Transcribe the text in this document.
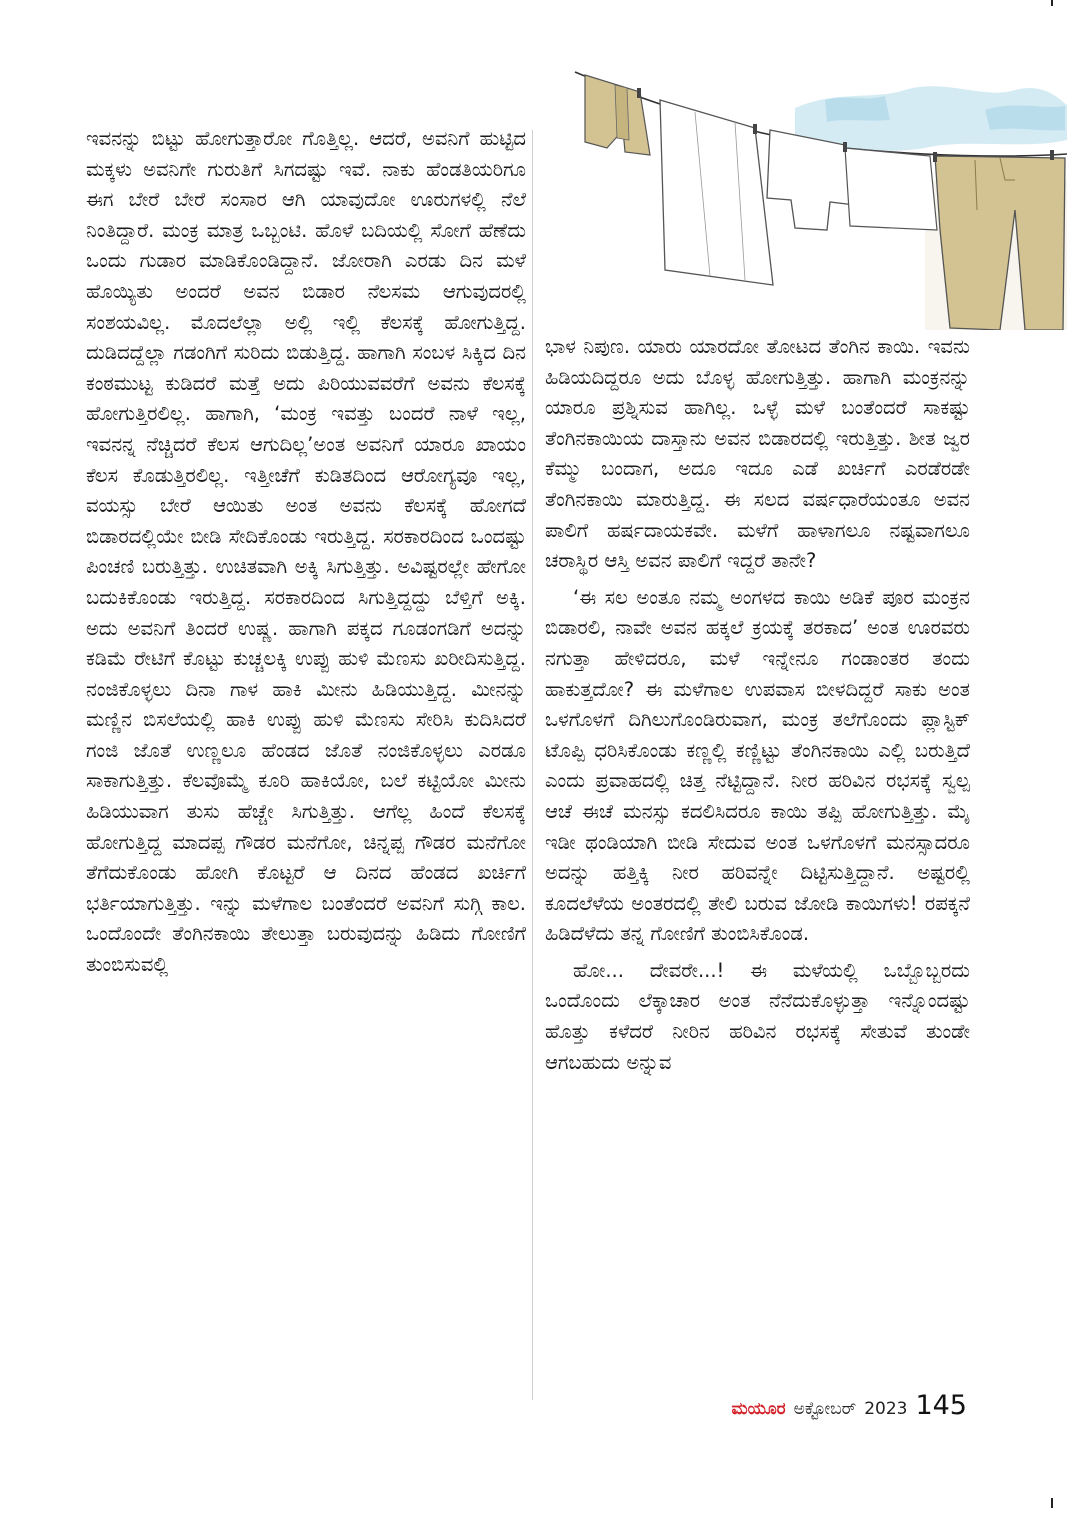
ಇವನನ್ನು ಬಿಟ್ಟು ಹೋಗುತ್ತಾರೋ ಗೊತ್ತಿಲ್ಲ. ಆದರೆ, ಅವನಿಗೆ ಹುಟ್ಟಿದ ಮಕ್ಕಳು ಅವನಿಗೇ ಗುರುತಿಗೆ ಸಿಗದಷ್ಟು ಇವೆ. ನಾಕು ಹೆಂಡತಿಯರಿಗೂ ಈಗ ಬೇರೆ ಬೇರೆ ಸಂಸಾರ ಆಗಿ ಯಾವುದೋ ಊರುಗಳಲ್ಲಿ ನೆಲೆ ನಿಂತಿದ್ದಾರೆ. ಮಂಕ್ರ ಮಾತ್ರ ಒಬ್ಬಂಟಿ. ಹೊಳೆ ಬದಿಯಲ್ಲಿ ಸೋಗೆ ಹೆಣೆದು ಒಂದು ಗುಡಾರ ಮಾಡಿಕೊಂಡಿದ್ದಾನೆ. ಜೋರಾಗಿ ಎರಡು ದಿನ ಮಳೆ ಹೊಯ್ಯಿತು ಅಂದರೆ ಅವನ ಬಿಡಾರ ನೆಲಸಮ ಆಗುವುದರಲ್ಲಿ ಸಂಶಯವಿಲ್ಲ. ಮೊದಲೆಲ್ಲಾ ಅಲ್ಲಿ ಇಲ್ಲಿ ಕೆಲಸಕ್ಕೆ ಹೋಗುತ್ತಿದ್ದ. ದುಡಿದದ್ದೆಲ್ಲಾ ಗಡಂಗಿಗೆ ಸುರಿದು ಬಿಡುತ್ತಿದ್ದ. ಹಾಗಾಗಿ ಸಂಬಳ ಸಿಕ್ಕಿದ ದಿನ ಕಂಠಮುಟ್ಟ ಕುಡಿದರೆ ಮತ್ತೆ ಅದು ಪಿರಿಯುವವರೆಗೆ ಅವನು ಕೆಲಸಕ್ಕೆ ಹೋಗುತ್ತಿರಲಿಲ್ಲ. ಹಾಗಾಗಿ, ‘ಮಂಕ್ರ ಇವತ್ತು ಬಂದರೆ ನಾಳೆ ಇಲ್ಲ, ಇವನನ್ನ ನೆಚ್ಚಿದರೆ ಕೆಲಸ ಆಗುದಿಲ್ಲ’ಅಂತ ಅವನಿಗೆ ಯಾರೂ ಖಾಯಂ ಕೆಲಸ ಕೊಡುತ್ತಿರಲಿಲ್ಲ. ಇತ್ತೀಚೆಗೆ ಕುಡಿತದಿಂದ ಆರೋಗ್ಯವೂ ಇಲ್ಲ, ವಯಸ್ಸು ಬೇರೆ ಆಯಿತು ಅಂತ ಅವನು ಕೆಲಸಕ್ಕೆ ಹೋಗದೆ ಬಿಡಾರದಲ್ಲಿಯೇ ಬೀಡಿ ಸೇದಿಕೊಂಡು ಇರುತ್ತಿದ್ದ. ಸರಕಾರದಿಂದ ಒಂದಷ್ಟು ಪಿಂಚಣಿ ಬರುತ್ತಿತ್ತು. ಉಚಿತವಾಗಿ ಅಕ್ಕಿ ಸಿಗುತ್ತಿತ್ತು. ಅವಿಷ್ಟರಲ್ಲೇ ಹೇಗೋ ಬದುಕಿಕೊಂಡು ಇರುತ್ತಿದ್ದ. ಸರಕಾರದಿಂದ ಸಿಗುತ್ತಿದ್ದದ್ದು ಬೆಳ್ತಿಗೆ ಅಕ್ಕಿ. ಅದು ಅವನಿಗೆ ತಿಂದರೆ ಉಷ್ಣ. ಹಾಗಾಗಿ ಪಕ್ಕದ ಗೂಡಂಗಡಿಗೆ ಅದನ್ನು ಕಡಿಮೆ ರೇಟಿಗೆ ಕೊಟ್ಟು ಕುಚ್ಚಲಕ್ಕಿ ಉಪ್ಪು ಹುಳಿ ಮೆಣಸು ಖರೀದಿಸುತ್ತಿದ್ದ. ನಂಜಿಕೊಳ್ಳಲು ದಿನಾ ಗಾಳ ಹಾಕಿ ಮೀನು ಹಿಡಿಯುತ್ತಿದ್ದ. ಮೀನನ್ನು ಮಣ್ಣಿನ ಬಿಸಲೆಯಲ್ಲಿ ಹಾಕಿ ಉಪ್ಪು ಹುಳಿ ಮೆಣಸು ಸೇರಿಸಿ ಕುದಿಸಿದರೆ ಗಂಜಿ ಜೊತೆ ಉಣ್ಣಲೂ ಹೆಂಡದ ಜೊತೆ ನಂಜಿಕೊಳ್ಳಲು ಎರಡೂ ಸಾಕಾಗುತ್ತಿತ್ತು. ಕೆಲವೊಮ್ಮೆ ಕೂರಿ ಹಾಕಿಯೋ, ಬಲೆ ಕಟ್ಟಿಯೋ ಮೀನು ಹಿಡಿಯುವಾಗ ತುಸು ಹೆಚ್ಚೇ ಸಿಗುತ್ತಿತ್ತು. ಆಗೆಲ್ಲ ಹಿಂದೆ ಕೆಲಸಕ್ಕೆ ಹೋಗುತ್ತಿದ್ದ ಮಾದಪ್ಪ ಗೌಡರ ಮನೆಗೋ, ಚಿನ್ನಪ್ಪ ಗೌಡರ ಮನೆಗೋ ತೆಗೆದುಕೊಂಡು ಹೋಗಿ ಕೊಟ್ಟರೆ ಆ ದಿನದ ಹೆಂಡದ ಖರ್ಚಿಗೆ ಭರ್ತಿಯಾಗುತ್ತಿತ್ತು. ಇನ್ನು ಮಳೆಗಾಲ ಬಂತೆಂದರೆ ಅವನಿಗೆ ಸುಗ್ಗಿ ಕಾಲ. ಒಂದೊಂದೇ ತೆಂಗಿನಕಾಯಿ ತೇಲುತ್ತಾ ಬರುವುದನ್ನು ಹಿಡಿದು ಗೋಣಿಗೆ ತುಂಬಿಸುವಲ್ಲಿ

ಭಾಳ ನಿಪುಣ. ಯಾರು ಯಾರದೋ ತೋಟದ ತೆಂಗಿನ ಕಾಯಿ. ಇವನು ಹಿಡಿಯದಿದ್ದರೂ ಅದು ಬೊಳ್ಳ ಹೋಗುತ್ತಿತ್ತು. ಹಾಗಾಗಿ ಮಂಕ್ರನನ್ನು ಯಾರೂ ಪ್ರಶ್ನಿಸುವ ಹಾಗಿಲ್ಲ. ಒಳ್ಳೆ ಮಳೆ ಬಂತೆಂದರೆ ಸಾಕಷ್ಟು ತೆಂಗಿನಕಾಯಿಯ ದಾಸ್ತಾನು ಅವನ ಬಿಡಾರದಲ್ಲಿ ಇರುತ್ತಿತ್ತು. ಶೀತ ಜ್ವರ ಕೆಮ್ಮು ಬಂದಾಗ, ಅದೂ ಇದೂ ಎಡೆ ಖರ್ಚಿಗೆ ಎರಡೆರಡೇ ತೆಂಗಿನಕಾಯಿ ಮಾರುತ್ತಿದ್ದ. ಈ ಸಲದ ವರ್ಷಧಾರೆಯಂತೂ ಅವನ ಪಾಲಿಗೆ ಹರ್ಷದಾಯಕವೇ. ಮಳೆಗೆ ಹಾಳಾಗಲೂ ನಷ್ಟವಾಗಲೂ ಚರಾಸ್ಥಿರ ಆಸ್ತಿ ಅವನ ಪಾಲಿಗೆ ಇದ್ದರೆ ತಾನೇ?

‘ಈ ಸಲ ಅಂತೂ ನಮ್ಮ ಅಂಗಳದ ಕಾಯಿ ಅಡಿಕೆ ಪೂರ ಮಂಕ್ರನ ಬಿಡಾರಲಿ, ನಾವೇ ಅವನ ಹಕ್ಕಲೆ ಕ್ರಯಕ್ಕೆ ತರಕಾದ’ ಅಂತ ಊರವರು ನಗುತ್ತಾ ಹೇಳಿದರೂ, ಮಳೆ ಇನ್ನೇನೂ ಗಂಡಾಂತರ ತಂದು ಹಾಕುತ್ತದೋ? ಈ ಮಳೆಗಾಲ ಉಪವಾಸ ಬೀಳದಿದ್ದರೆ ಸಾಕು ಅಂತ ಒಳಗೊಳಗೆ ದಿಗಿಲುಗೊಂಡಿರುವಾಗ, ಮಂಕ್ರ ತಲೆಗೊಂದು ಪ್ಲಾಸ್ಟಿಕ್ ಟೊಪ್ಪಿ ಧರಿಸಿಕೊಂಡು ಕಣ್ಣಲ್ಲಿ ಕಣ್ಣಿಟ್ಟು ತೆಂಗಿನಕಾಯಿ ಎಲ್ಲಿ ಬರುತ್ತಿದೆ ಎಂದು ಪ್ರವಾಹದಲ್ಲಿ ಚಿತ್ತ ನೆಟ್ಟಿದ್ದಾನೆ. ನೀರ ಹರಿವಿನ ರಭಸಕ್ಕೆ ಸ್ವಲ್ಪ ಆಚೆ ಈಚೆ ಮನಸ್ಸು ಕದಲಿಸಿದರೂ ಕಾಯಿ ತಪ್ಪಿ ಹೋಗುತ್ತಿತ್ತು. ಮೈ ಇಡೀ ಥಂಡಿಯಾಗಿ ಬೀಡಿ ಸೇದುವ ಅಂತ ಒಳಗೊಳಗೆ ಮನಸ್ಸಾದರೂ ಅದನ್ನು ಹತ್ತಿಕ್ಕಿ ನೀರ ಹರಿವನ್ನೇ ದಿಟ್ಟಿಸುತ್ತಿದ್ದಾನೆ. ಅಷ್ಟರಲ್ಲಿ ಕೂದಲೆಳೆಯ ಅಂತರದಲ್ಲಿ ತೇಲಿ ಬರುವ ಜೋಡಿ ಕಾಯಿಗಳು! ರಪಕ್ಕನೆ ಹಿಡಿದೆಳೆದು ತನ್ನ ಗೋಣಿಗೆ ತುಂಬಿಸಿಕೊಂಡ.

ಹೋ... ದೇವರೇ...! ಈ ಮಳೆಯಲ್ಲಿ ಒಬ್ಬೊಬ್ಬರದು ಒಂದೊಂದು ಲೆಕ್ಕಾಚಾರ ಅಂತ ನೆನೆದುಕೊಳ್ಳುತ್ತಾ ಇನ್ನೊಂದಷ್ಟು ಹೊತ್ತು ಕಳೆದರೆ ನೀರಿನ ಹರಿವಿನ ರಭಸಕ್ಕೆ ಸೇತುವೆ ತುಂಡೇ ಆಗಬಹುದು ಅನ್ನುವ

ಮಯೂರ ಅಕ್ಟೋಬರ್ 2023 145
